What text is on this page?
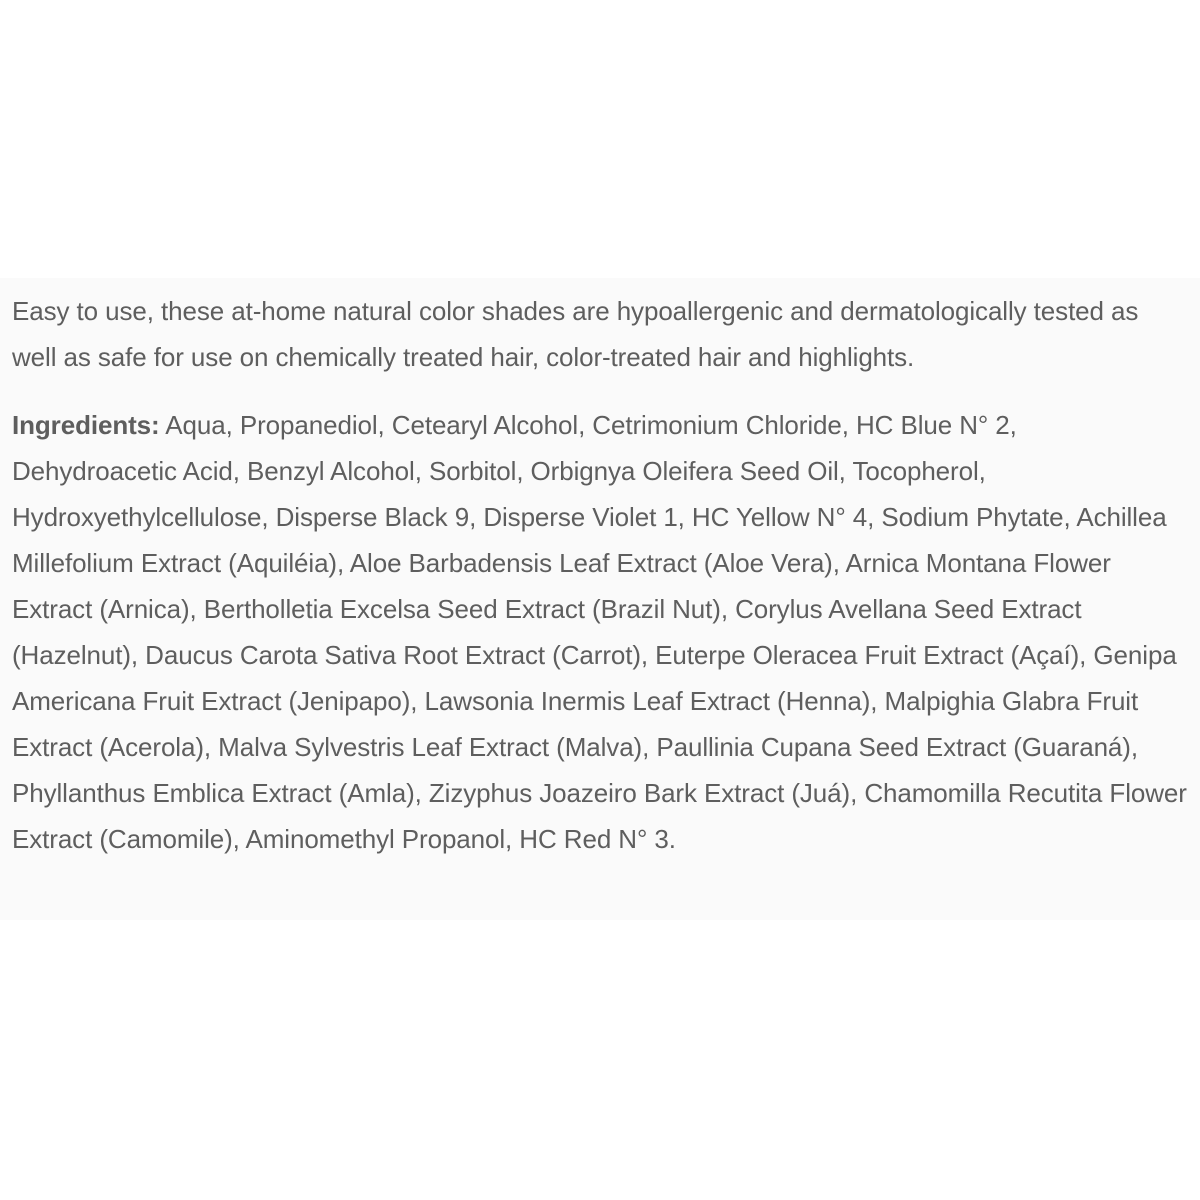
Easy to use, these at-home natural color shades are hypoallergenic and dermatologically tested as well as safe for use on chemically treated hair, color-treated hair and highlights.

Ingredients: Aqua, Propanediol, Cetearyl Alcohol, Cetrimonium Chloride, HC Blue N° 2, Dehydroacetic Acid, Benzyl Alcohol, Sorbitol, Orbignya Oleifera Seed Oil, Tocopherol, Hydroxyethylcellulose, Disperse Black 9, Disperse Violet 1, HC Yellow N° 4, Sodium Phytate, Achillea Millefolium Extract (Aquiléia), Aloe Barbadensis Leaf Extract (Aloe Vera), Arnica Montana Flower Extract (Arnica), Bertholletia Excelsa Seed Extract (Brazil Nut), Corylus Avellana Seed Extract (Hazelnut), Daucus Carota Sativa Root Extract (Carrot), Euterpe Oleracea Fruit Extract (Açaí), Genipa Americana Fruit Extract (Jenipapo), Lawsonia Inermis Leaf Extract (Henna), Malpighia Glabra Fruit Extract (Acerola), Malva Sylvestris Leaf Extract (Malva), Paullinia Cupana Seed Extract (Guaraná), Phyllanthus Emblica Extract (Amla), Zizyphus Joazeiro Bark Extract (Juá), Chamomilla Recutita Flower Extract (Camomile), Aminomethyl Propanol, HC Red N° 3.
